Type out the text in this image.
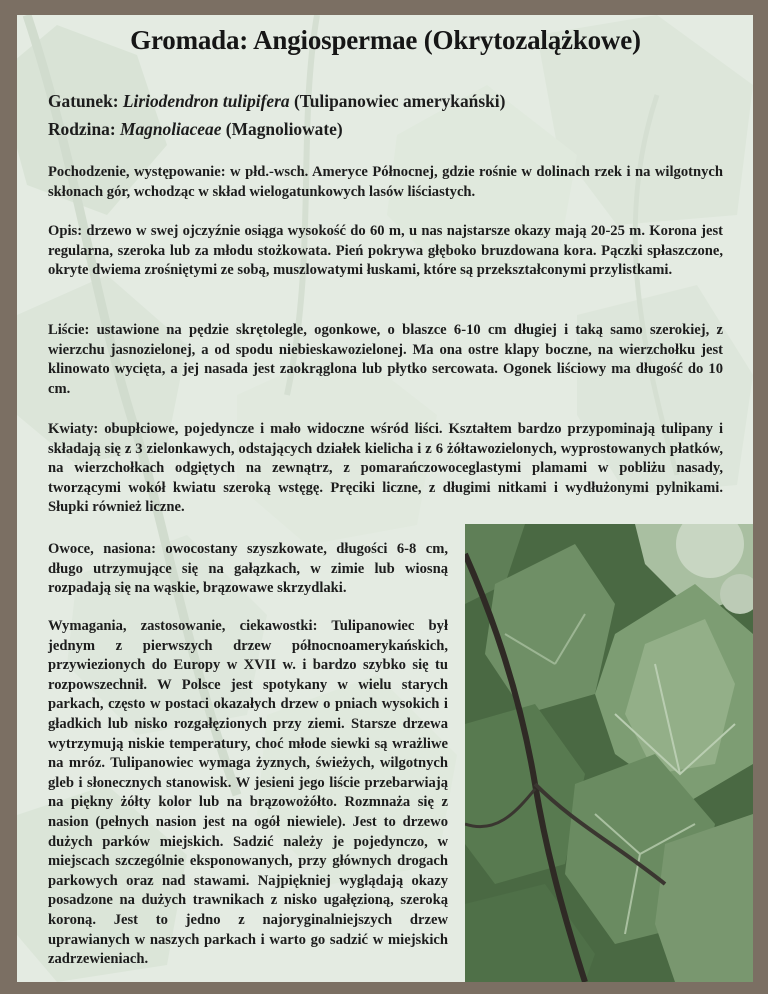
Gromada: Angiospermae (Okrytozalążkowe)

Gatunek: Liriodendron tulipifera (Tulipanowiec amerykański)

Rodzina: Magnoliaceae (Magnoliowate)

Pochodzenie, występowanie: w płd.-wsch. Ameryce Północnej, gdzie rośnie w dolinach rzek i na wilgotnych skłonach gór, wchodząc w skład wielogatunkowych lasów liściastych.

Opis: drzewo w swej ojczyźnie osiąga wysokość do 60 m, u nas najstarsze okazy mają 20-25 m. Korona jest regularna, szeroka lub za młodu stożkowata. Pień pokrywa głęboko bruzdowana kora. Pączki spłaszczone, okryte dwiema zrośniętymi ze sobą, muszlowatymi łuskami, które są przekształconymi przylistkami.

Liście: ustawione na pędzie skrętolegle, ogonkowe, o blaszce 6-10 cm długiej i taką samo szerokiej, z wierzchu jasnozielonej, a od spodu niebieskawozielonej. Ma ona ostre klapy boczne, na wierzchołku jest klinowato wycięta, a jej nasada jest zaokrąglona lub płytko sercowata. Ogonek liściowy ma długość do 10 cm.

Kwiaty: obupłciowe, pojedyncze i mało widoczne wśród liści. Kształtem bardzo przypominają tulipany i składają się z 3 zielonkawych, odstających działek kielicha i z 6 żółtawozielonych, wyprostowanych płatków, na wierzchołkach odgiętych na zewnątrz, z pomarańczowoceglastymi plamami w pobliżu nasady, tworzącymi wokół kwiatu szeroką wstęgę. Pręciki liczne, z długimi nitkami i wydłużonymi pylnikami. Słupki również liczne.

Owoce, nasiona: owocostany szyszkowate, długości 6-8 cm, długo utrzymujące się na gałązkach, w zimie lub wiosną rozpadają się na wąskie, brązowawe skrzydlaki.

Wymagania, zastosowanie, ciekawostki: Tulipanowiec był jednym z pierwszych drzew północnoamerykańskich, przywiezionych do Europy w XVII w. i bardzo szybko się tu rozpowszechnił. W Polsce jest spotykany w wielu starych parkach, często w postaci okazałych drzew o pniach wysokich i gładkich lub nisko rozgałęzionych przy ziemi. Starsze drzewa wytrzymują niskie temperatury, choć młode siewki są wrażliwe na mróz. Tulipanowiec wymaga żyznych, świeżych, wilgotnych gleb i słonecznych stanowisk. W jesieni jego liście przebarwiają na piękny żółty kolor lub na brązowożółto. Rozmnaża się z nasion (pełnych nasion jest na ogół niewiele). Jest to drzewo dużych parków miejskich. Sadzić należy je pojedynczo, w miejscach szczególnie eksponowanych, przy głównych drogach parkowych oraz nad stawami. Najpiękniej wyglądają okazy posadzone na dużych trawnikach z nisko ugałęzioną, szeroką koroną. Jest to jedno z najoryginalniejszych drzew uprawianych w naszych parkach i warto go sadzić w miejskich zadrzewieniach.
